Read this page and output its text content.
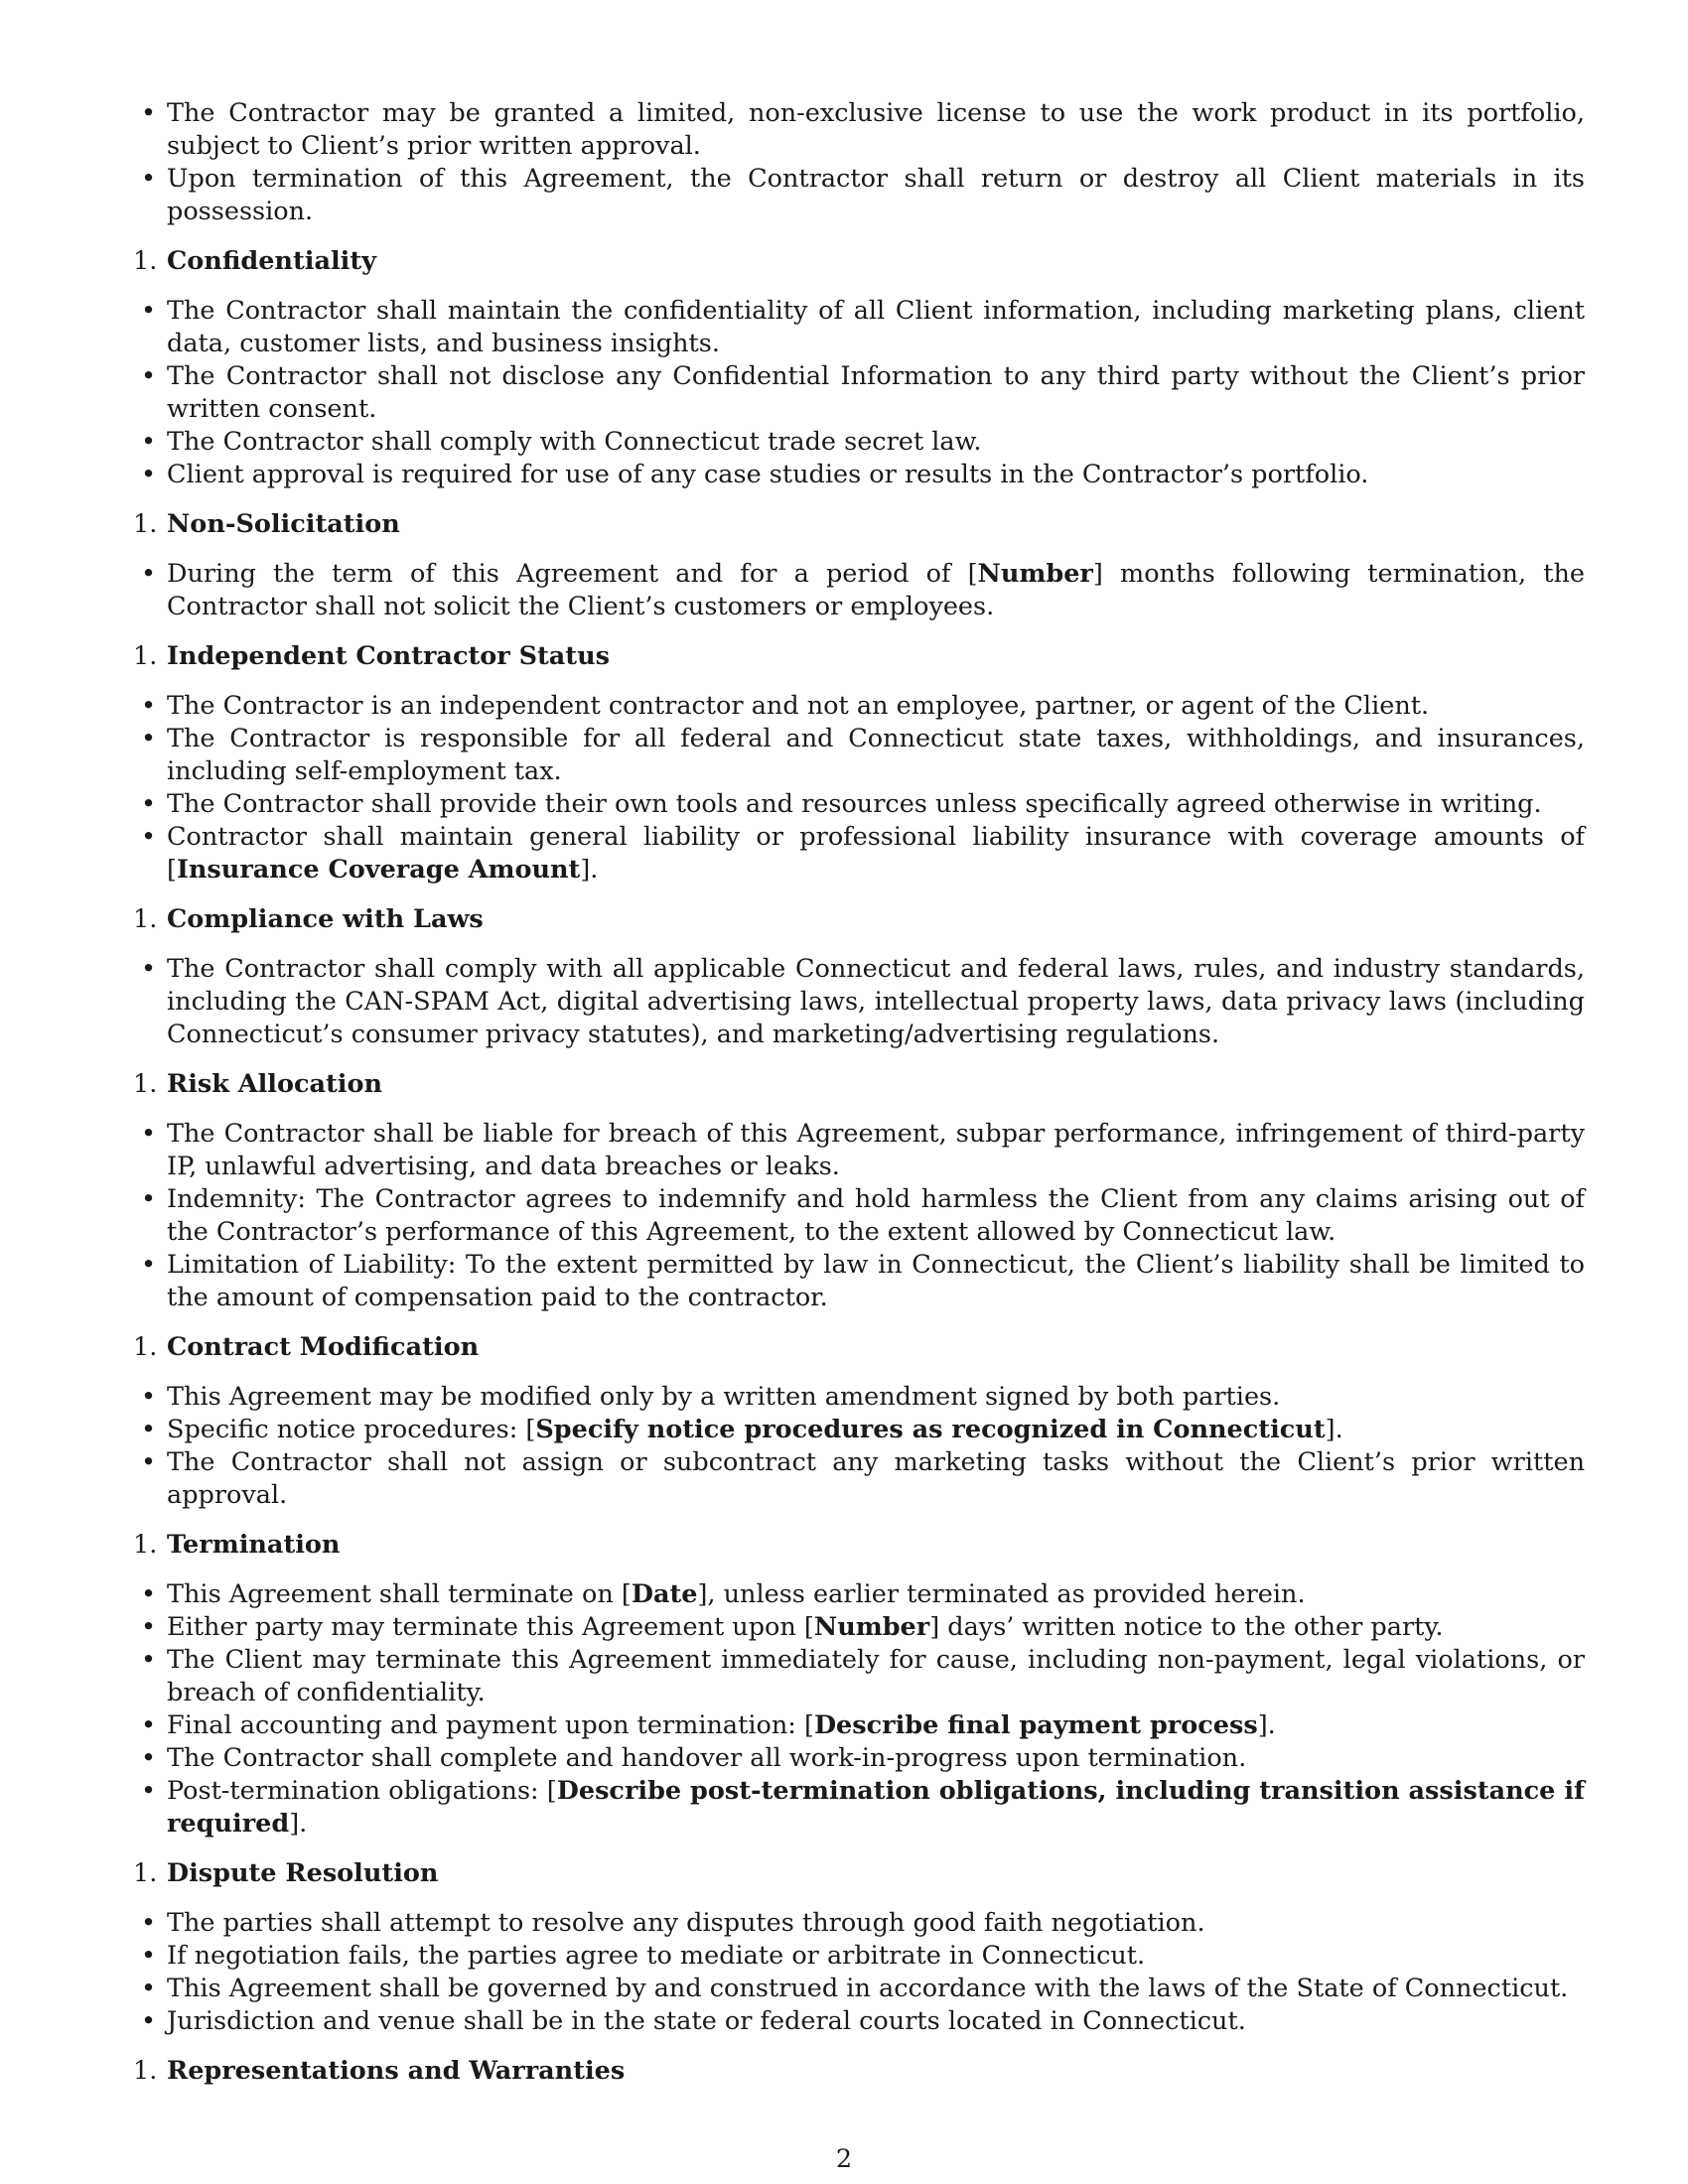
• The Contractor may be granted a limited, non-exclusive license to use the work product in its portfolio, subject to Client’s prior written approval.
• Upon termination of this Agreement, the Contractor shall return or destroy all Client materials in its possession.
1. Confidentiality
• The Contractor shall maintain the confidentiality of all Client information, including marketing plans, client data, customer lists, and business insights.
• The Contractor shall not disclose any Confidential Information to any third party without the Client’s prior written consent.
• The Contractor shall comply with Connecticut trade secret law.
• Client approval is required for use of any case studies or results in the Contractor’s portfolio.
1. Non-Solicitation
• During the term of this Agreement and for a period of [Number] months following termination, the Contractor shall not solicit the Client’s customers or employees.
1. Independent Contractor Status
• The Contractor is an independent contractor and not an employee, partner, or agent of the Client.
• The Contractor is responsible for all federal and Connecticut state taxes, withholdings, and insurances, including self-employment tax.
• The Contractor shall provide their own tools and resources unless specifically agreed otherwise in writing.
• Contractor shall maintain general liability or professional liability insurance with coverage amounts of [Insurance Coverage Amount].
1. Compliance with Laws
• The Contractor shall comply with all applicable Connecticut and federal laws, rules, and industry standards, including the CAN-SPAM Act, digital advertising laws, intellectual property laws, data privacy laws (including Connecticut’s consumer privacy statutes), and marketing/advertising regulations.
1. Risk Allocation
• The Contractor shall be liable for breach of this Agreement, subpar performance, infringement of third-party IP, unlawful advertising, and data breaches or leaks.
• Indemnity: The Contractor agrees to indemnify and hold harmless the Client from any claims arising out of the Contractor’s performance of this Agreement, to the extent allowed by Connecticut law.
• Limitation of Liability: To the extent permitted by law in Connecticut, the Client’s liability shall be limited to the amount of compensation paid to the contractor.
1. Contract Modification
• This Agreement may be modified only by a written amendment signed by both parties.
• Specific notice procedures: [Specify notice procedures as recognized in Connecticut].
• The Contractor shall not assign or subcontract any marketing tasks without the Client’s prior written approval.
1. Termination
• This Agreement shall terminate on [Date], unless earlier terminated as provided herein.
• Either party may terminate this Agreement upon [Number] days’ written notice to the other party.
• The Client may terminate this Agreement immediately for cause, including non-payment, legal violations, or breach of confidentiality.
• Final accounting and payment upon termination: [Describe final payment process].
• The Contractor shall complete and handover all work-in-progress upon termination.
• Post-termination obligations: [Describe post-termination obligations, including transition assistance if required].
1. Dispute Resolution
• The parties shall attempt to resolve any disputes through good faith negotiation.
• If negotiation fails, the parties agree to mediate or arbitrate in Connecticut.
• This Agreement shall be governed by and construed in accordance with the laws of the State of Connecticut.
• Jurisdiction and venue shall be in the state or federal courts located in Connecticut.
1. Representations and Warranties
2
